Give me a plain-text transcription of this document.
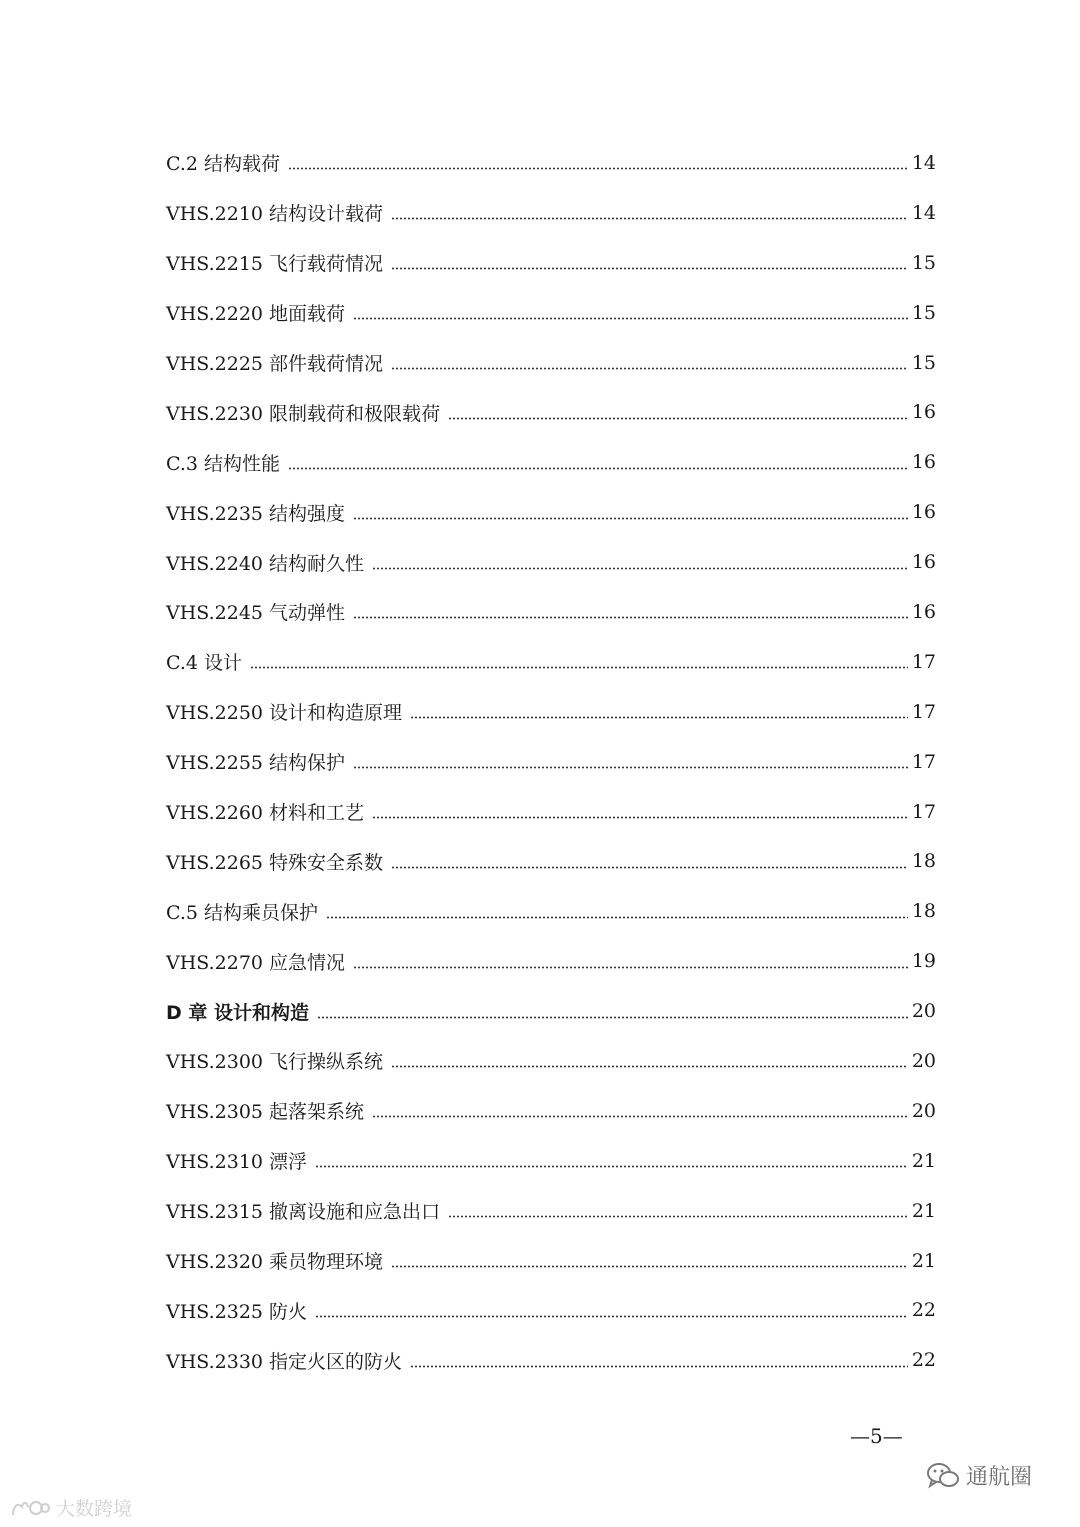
C.2 结构载荷	14
VHS.2210 结构设计载荷	14
VHS.2215 飞行载荷情况	15
VHS.2220 地面载荷	15
VHS.2225 部件载荷情况	15
VHS.2230 限制载荷和极限载荷	16
C.3 结构性能	16
VHS.2235 结构强度	16
VHS.2240 结构耐久性	16
VHS.2245 气动弹性	16
C.4 设计	17
VHS.2250 设计和构造原理	17
VHS.2255 结构保护	17
VHS.2260 材料和工艺	17
VHS.2265 特殊安全系数	18
C.5 结构乘员保护	18
VHS.2270 应急情况	19
D 章 设计和构造	20
VHS.2300 飞行操纵系统	20
VHS.2305 起落架系统	20
VHS.2310 漂浮	21
VHS.2315 撤离设施和应急出口	21
VHS.2320 乘员物理环境	21
VHS.2325 防火	22
VHS.2330 指定火区的防火	22
—5—
大数跨境
通航圈
